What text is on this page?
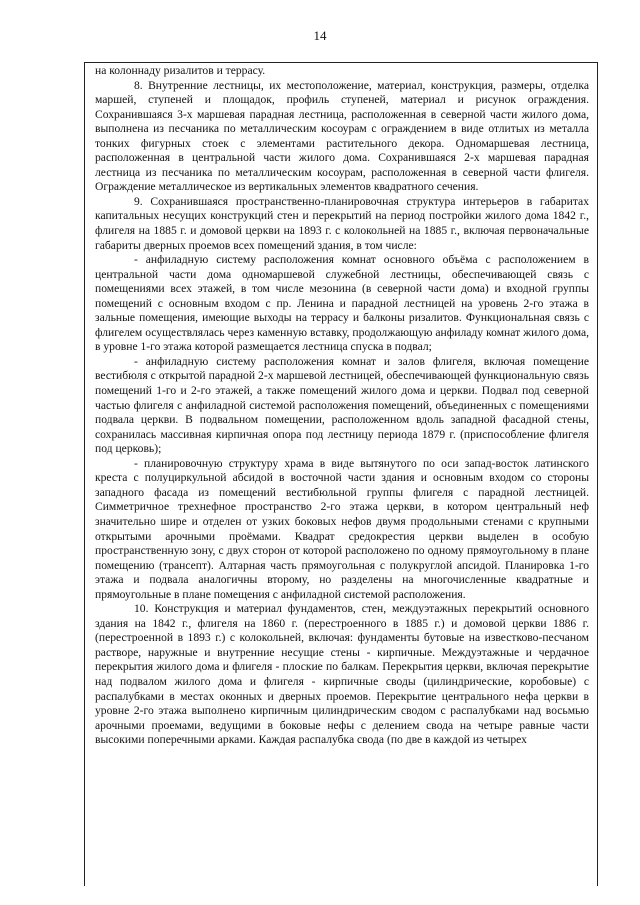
14

на колоннаду ризалитов и террасу.

8. Внутренние лестницы, их местоположение, материал, конструкция, размеры, отделка маршей, ступеней и площадок, профиль ступеней, материал и рисунок ограждения. Сохранившаяся 3-х маршевая парадная лестница, расположенная в северной части жилого дома, выполнена из песчаника по металлическим косоурам с ограждением в виде отлитых из металла тонких фигурных стоек с элементами растительного декора. Одномаршевая лестница, расположенная в центральной части жилого дома. Сохранившаяся 2-х маршевая парадная лестница из песчаника по металлическим косоурам, расположенная в северной части флигеля. Ограждение металлическое из вертикальных элементов квадратного сечения.

9. Сохранившаяся пространственно-планировочная структура интерьеров в габаритах капитальных несущих конструкций стен и перекрытий на период постройки жилого дома 1842 г., флигеля на 1885 г. и домовой церкви на 1893 г. с колокольней на 1885 г., включая первоначальные габариты дверных проемов всех помещений здания, в том числе:

- анфиладную систему расположения комнат основного объёма с расположением в центральной части дома одномаршевой служебной лестницы, обеспечивающей связь с помещениями всех этажей, в том числе мезонина (в северной части дома) и входной группы помещений с основным входом с пр. Ленина и парадной лестницей на уровень 2-го этажа в зальные помещения, имеющие выходы на террасу и балконы ризалитов. Функциональная связь с флигелем осуществлялась через каменную вставку, продолжающую анфиладу комнат жилого дома, в уровне 1-го этажа которой размещается лестница спуска в подвал;

- анфиладную систему расположения комнат и залов флигеля, включая помещение вестибюля с открытой парадной 2-х маршевой лестницей, обеспечивающей функциональную связь помещений 1-го и 2-го этажей, а также помещений жилого дома и церкви. Подвал под северной частью флигеля с анфиладной системой расположения помещений, объединенных с помещениями подвала церкви. В подвальном помещении, расположенном вдоль западной фасадной стены, сохранилась массивная кирпичная опора под лестницу периода 1879 г. (приспособление флигеля под церковь);

- планировочную структуру храма в виде вытянутого по оси запад-восток латинского креста с полуциркульной абсидой в восточной части здания и основным входом со стороны западного фасада из помещений вестибюльной группы флигеля с парадной лестницей. Симметричное трехнефное пространство 2-го этажа церкви, в котором центральный неф значительно шире и отделен от узких боковых нефов двумя продольными стенами с крупными открытыми арочными проёмами. Квадрат средокрестия церкви выделен в особую пространственную зону, с двух сторон от которой расположено по одному прямоугольному в плане помещению (трансепт). Алтарная часть прямоугольная с полукруглой апсидой. Планировка 1-го этажа и подвала аналогичны второму, но разделены на многочисленные квадратные и прямоугольные в плане помещения с анфиладной системой расположения.

10. Конструкция и материал фундаментов, стен, междуэтажных перекрытий основного здания на 1842 г., флигеля на 1860 г. (перестроенного в 1885 г.) и домовой церкви 1886 г. (перестроенной в 1893 г.) с колокольней, включая: фундаменты бутовые на известково-песчаном растворе, наружные и внутренние несущие стены - кирпичные. Междуэтажные и чердачное перекрытия жилого дома и флигеля - плоские по балкам. Перекрытия церкви, включая перекрытие над подвалом жилого дома и флигеля - кирпичные своды (цилиндрические, коробовые) с распалубками в местах оконных и дверных проемов. Перекрытие центрального нефа церкви в уровне 2-го этажа выполнено кирпичным цилиндрическим сводом с распалубками над восьмью арочными проемами, ведущими в боковые нефы с делением свода на четыре равные части высокими поперечными арками. Каждая распалубка свода (по две в каждой из четырех
